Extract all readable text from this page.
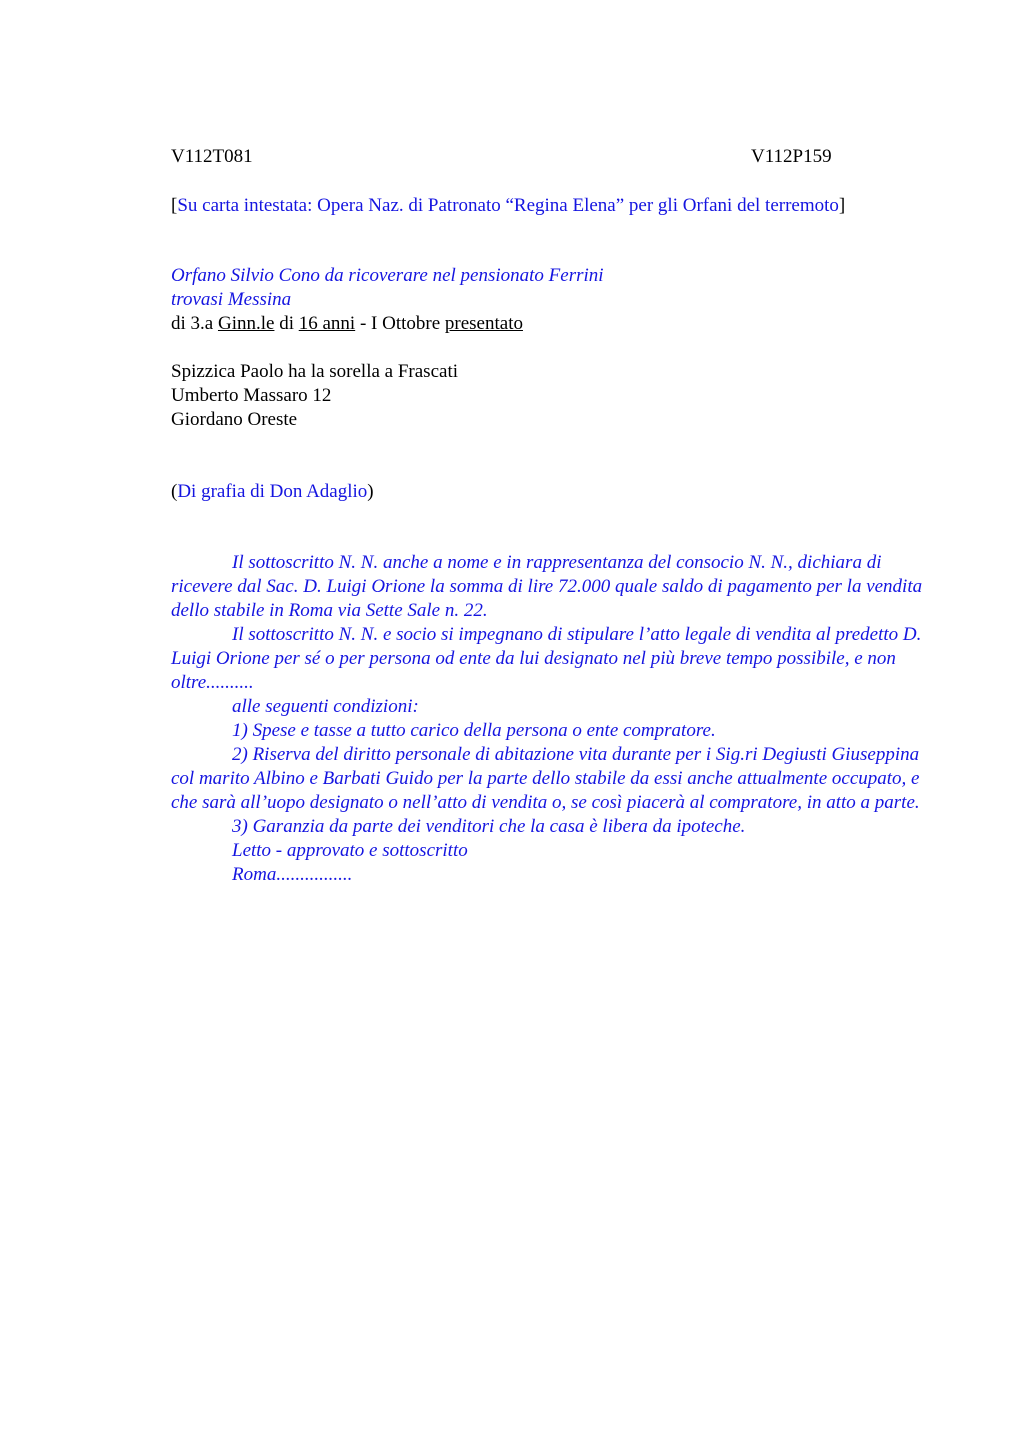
V112T081	V112P159
[Su carta intestata: Opera Naz. di Patronato “Regina Elena” per gli Orfani del terremoto]
Orfano Silvio Cono da ricoverare nel pensionato Ferrini
trovasi Messina
di 3.a Ginn.le di 16 anni - I Ottobre presentato
Spizzica Paolo ha la sorella a Frascati
Umberto Massaro 12
Giordano Oreste
(Di grafia di Don Adaglio)

Il sottoscritto N. N. anche a nome e in rappresentanza del consocio N. N., dichiara di ricevere dal Sac. D. Luigi Orione la somma di lire 72.000 quale saldo di pagamento per la vendita dello stabile in Roma via Sette Sale n. 22.

Il sottoscritto N. N. e socio si impegnano di stipulare l’atto legale di vendita al predetto D. Luigi Orione per sé o per persona od ente da lui designato nel più breve tempo possibile, e non oltre..........

alle seguenti condizioni:
1) Spese e tasse a tutto carico della persona o ente compratore.

2) Riserva del diritto personale di abitazione vita durante per i Sig.ri Degiusti Giuseppina col marito Albino e Barbati Guido per la parte dello stabile da essi anche attualmente occupato, e che sarà all’uopo designato o nell’atto di vendita o, se così piacerà al compratore, in atto a parte.

3) Garanzia da parte dei venditori che la casa è libera da ipoteche.
Letto - approvato e sottoscritto
Roma................
